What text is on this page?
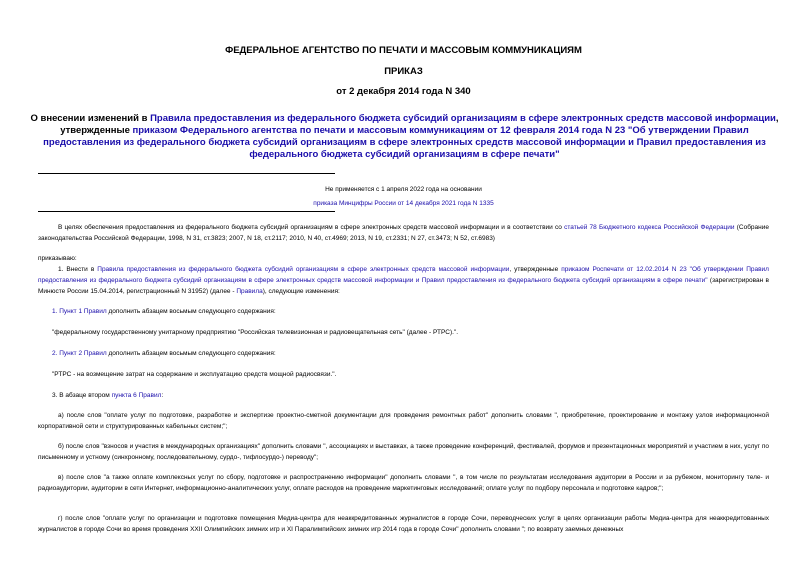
ФЕДЕРАЛЬНОЕ АГЕНТСТВО ПО ПЕЧАТИ И МАССОВЫМ КОММУНИКАЦИЯМ
ПРИКАЗ
от 2 декабря 2014 года N 340
О внесении изменений в Правила предоставления из федерального бюджета субсидий организациям в сфере электронных средств массовой информации, утвержденные приказом Федерального агентства по печати и массовым коммуникациям от 12 февраля 2014 года N 23 "Об утверждении Правил предоставления из федерального бюджета субсидий организациям в сфере электронных средств массовой информации и Правил предоставления из федерального бюджета субсидий организациям в сфере печати"
Не применяется с 1 апреля 2022 года на основании
приказа Минцифры России от 14 декабря 2021 года N 1335
В целях обеспечения предоставления из федерального бюджета субсидий организациям в сфере электронных средств массовой информации и в соответствии со статьей 78 Бюджетного кодекса Российской Федерации (Собрание законодательства Российской Федерации, 1998, N 31, ст.3823; 2007, N 18, ст.2117; 2010, N 40, ст.4969; 2013, N 19, ст.2331; N 27, ст.3473; N 52, ст.6983)
приказываю:
1. Внести в Правила предоставления из федерального бюджета субсидий организациям в сфере электронных средств массовой информации, утвержденные приказом Роспечати от 12.02.2014 N 23 "Об утверждении Правил предоставления из федерального бюджета субсидий организациям в сфере электронных средств массовой информации и Правил предоставления из федерального бюджета субсидий организациям в сфере печати" (зарегистрирован в Минюсте России 15.04.2014, регистрационный N 31952) (далее - Правила), следующие изменения:
1. Пункт 1 Правил дополнить абзацем восьмым следующего содержания:
"федеральному государственному унитарному предприятию "Российская телевизионная и радиовещательная сеть" (далее - РТРС).".
2. Пункт 2 Правил дополнить абзацем восьмым следующего содержания:
"РТРС - на возмещение затрат на содержание и эксплуатацию средств мощной радиосвязи.".
3. В абзаце втором пункта 6 Правил:
а) после слов "оплате услуг по подготовке, разработке и экспертизе проектно-сметной документации для проведения ремонтных работ" дополнить словами ", приобретение, проектирование и монтажу узлов информационной корпоративной сети и структурированных кабельных систем;";
б) после слов "взносов и участия в международных организациях" дополнить словами ", ассоциациях и выставках, а также проведение конференций, фестивалей, форумов и презентационных мероприятий и участием в них, услуг по письменному и устному (синхронному, последовательному, сурдо-, тифлосурдо-) переводу";
в) после слов "а также оплате комплексных услуг по сбору, подготовке и распространению информации" дополнить словами ", в том числе по результатам исследования аудитории в России и за рубежом, мониторингу теле- и радиоаудитории, аудитории в сети Интернет, информационно-аналитических услуг, оплате расходов на проведение маркетинговых исследований; оплате услуг по подбору персонала и подготовке кадров;";
г) после слов "оплате услуг по организации и подготовке помещения Медиа-центра для неаккредитованных журналистов в городе Сочи, переводческих услуг в целях организации работы Медиа-центра для неаккредитованных журналистов в городе Сочи во время проведения XXII Олимпийских зимних игр и XI Паралимпийских зимних игр 2014 года в городе Сочи" дополнить словами "; по возврату заемных денежных
